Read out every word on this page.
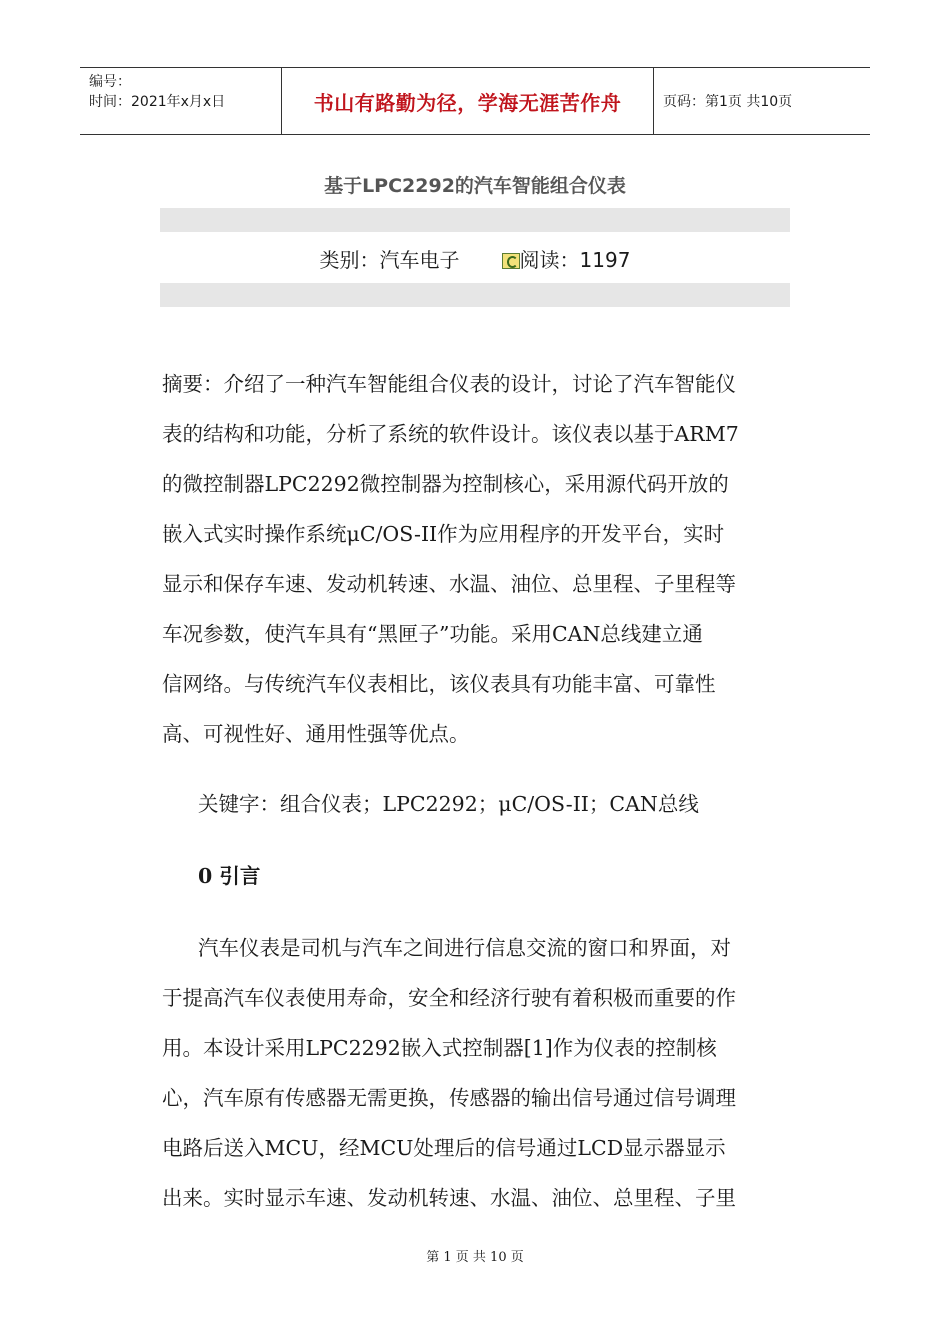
编号：
时间：2021年x月x日	书山有路勤为径，学海无涯苦作舟	页码：第1页 共10页
基于LPC2292的汽车智能组合仪表
类别：汽车电子	阅读：1197
摘要：介绍了一种汽车智能组合仪表的设计，讨论了汽车智能仪
表的结构和功能，分析了系统的软件设计。该仪表以基于ARM7
的微控制器LPC2292微控制器为控制核心，采用源代码开放的
嵌入式实时操作系统μC/OS-II作为应用程序的开发平台，实时
显示和保存车速、发动机转速、水温、油位、总里程、子里程等
车况参数，使汽车具有“黑匣子”功能。采用CAN总线建立通
信网络。与传统汽车仪表相比，该仪表具有功能丰富、可靠性
高、可视性好、通用性强等优点。
关键字：组合仪表；LPC2292；μC/OS-II；CAN总线
0 引言
汽车仪表是司机与汽车之间进行信息交流的窗口和界面，对
于提高汽车仪表使用寿命，安全和经济行驶有着积极而重要的作
用。本设计采用LPC2292嵌入式控制器[1]作为仪表的控制核
心，汽车原有传感器无需更换，传感器的输出信号通过信号调理
电路后送入MCU，经MCU处理后的信号通过LCD显示器显示
出来。实时显示车速、发动机转速、水温、油位、总里程、子里
第 1 页 共 10 页
